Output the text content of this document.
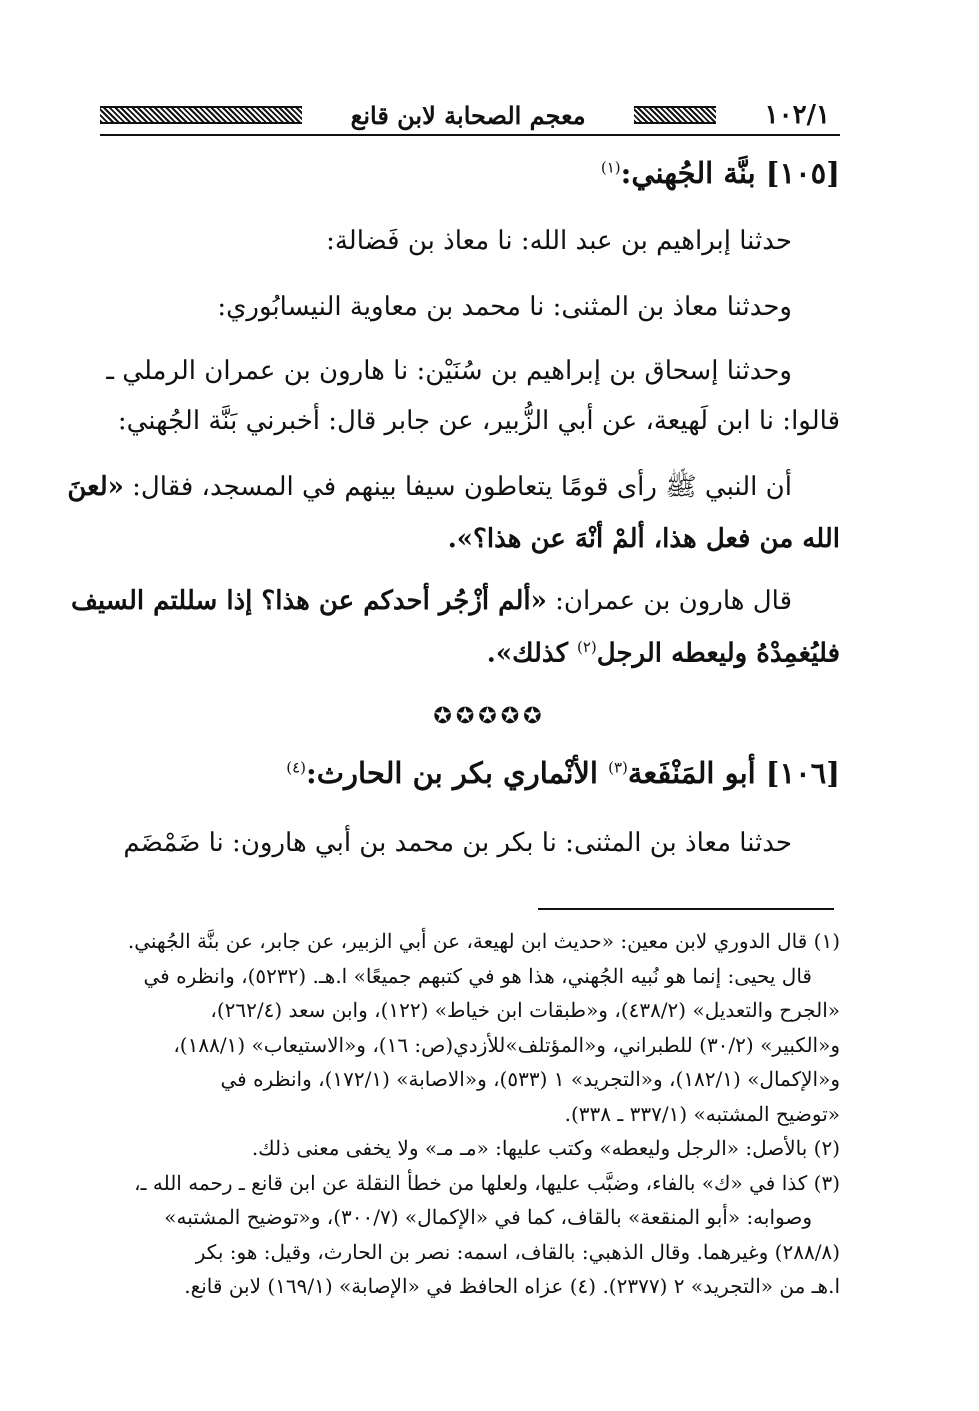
١٠٢/١
معجم الصحابة لابن قانع
[١٠٥] بنَّة الجُهني:$^{(١)}$
حدثنا إبراهيم بن عبد الله: نا معاذ بن فَضالة:
وحدثنا معاذ بن المثنى: نا محمد بن معاوية النيسابُوري:
وحدثنا إسحاق بن إبراهيم بن سُنَيْن: نا هارون بن عمران الرملي ـ
قالوا: نا ابن لَهيعة، عن أبي الزُّبير، عن جابر قال: أخبرني بَنَّة الجُهني:
أن النبي ﷺ رأى قومًا يتعاطون سيفا بينهم في المسجد، فقال: «لعنَ
الله من فعل هذا، ألمْ أنْهَ عن هذا؟».
قال هارون بن عمران: «ألم أزْجُر أحدكم عن هذا؟ إذا سللتم السيف
فليُغمِدْهُ وليعطه الرجل$^{(٢)}$ كذلك».
✪✪✪✪✪
[١٠٦] أبو المَنْفَعة$^{(٣)}$ الأنْماري بكر بن الحارث:$^{(٤)}$
حدثنا معاذ بن المثنى: نا بكر بن محمد بن أبي هارون: نا ضَمْضَم
(١) قال الدوري لابن معين: «حديث ابن لهيعة، عن أبي الزبير، عن جابر، عن بنَّة الجُهني.
قال يحيى: إنما هو نُبيه الجُهني، هذا هو في كتبهم جميعًا» ا.هـ. (٥٢٣٢)، وانظره في
«الجرح والتعديل» (٤٣٨/٢)، و«طبقات ابن خياط» (١٢٢)، وابن سعد (٢٦٢/٤)،
و«الكبير» (٣٠/٢) للطبراني، و«المؤتلف»للأزدي(ص: ١٦)، و«الاستيعاب» (١٨٨/١)،
و«الإكمال» (١٨٢/١)، و«التجريد» ١ (٥٣٣)، و«الاصابة» (١٧٢/١)، وانظره في
«توضيح المشتبه» (٣٣٧/١ ـ ٣٣٨).
(٢) بالأصل: «الرجل وليعطه» وكتب عليها: «مـ مـ» ولا يخفى معنى ذلك.
(٣) كذا في «ك» بالفاء، وضبَّب عليها، ولعلها من خطأ النقلة عن ابن قانع ـ رحمه الله ـ،
وصوابه: «أبو المنقعة» بالقاف، كما في «الإكمال» (٣٠٠/٧)، و«توضيح المشتبه»
(٢٨٨/٨) وغيرهما. وقال الذهبي: بالقاف، اسمه: نصر بن الحارث، وقيل: هو: بكر
ا.هـ من «التجريد» ٢ (٢٣٧٧). (٤) عزاه الحافظ في «الإصابة» (١٦٩/١) لابن قانع.
